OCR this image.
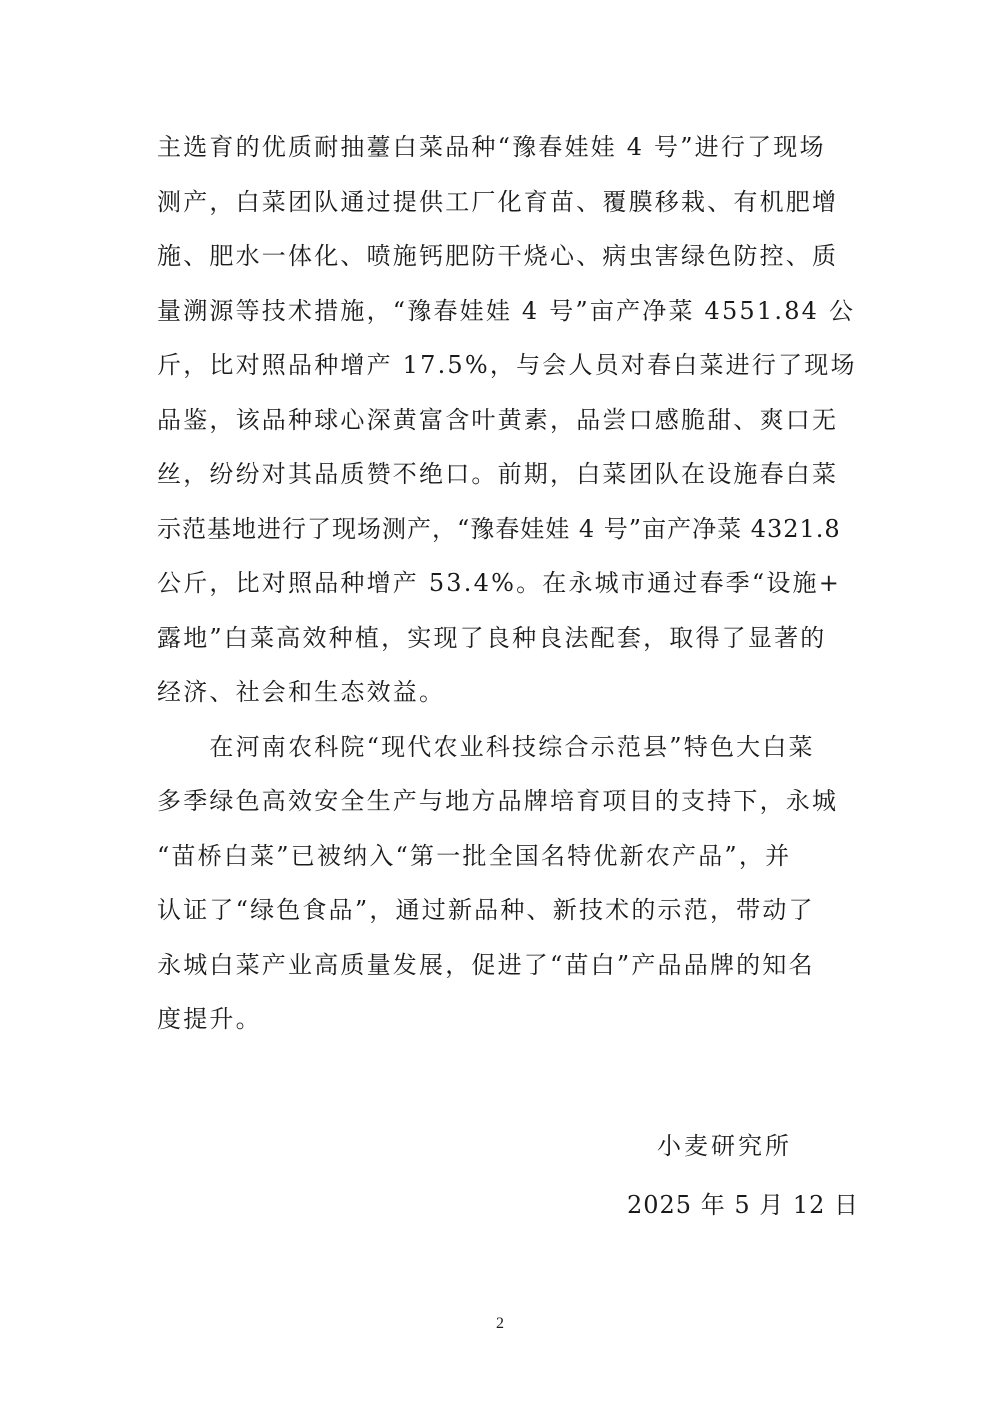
主选育的优质耐抽薹白菜品种“豫春娃娃 4 号”进行了现场
测产，白菜团队通过提供工厂化育苗、覆膜移栽、有机肥增
施、肥水一体化、喷施钙肥防干烧心、病虫害绿色防控、质
量溯源等技术措施，“豫春娃娃 4 号”亩产净菜 4551.84 公
斤，比对照品种增产 17.5%，与会人员对春白菜进行了现场
品鉴，该品种球心深黄富含叶黄素，品尝口感脆甜、爽口无
丝，纷纷对其品质赞不绝口。前期，白菜团队在设施春白菜
示范基地进行了现场测产，“豫春娃娃 4 号”亩产净菜 4321.8
公斤，比对照品种增产 53.4%。在永城市通过春季“设施+
露地”白菜高效种植，实现了良种良法配套，取得了显著的
经济、社会和生态效益。
　　在河南农科院“现代农业科技综合示范县”特色大白菜
多季绿色高效安全生产与地方品牌培育项目的支持下，永城
“苗桥白菜”已被纳入“第一批全国名特优新农产品”，并
认证了“绿色食品”，通过新品种、新技术的示范，带动了
永城白菜产业高质量发展，促进了“苗白”产品品牌的知名
度提升。
小麦研究所
2025 年 5 月 12 日
2
